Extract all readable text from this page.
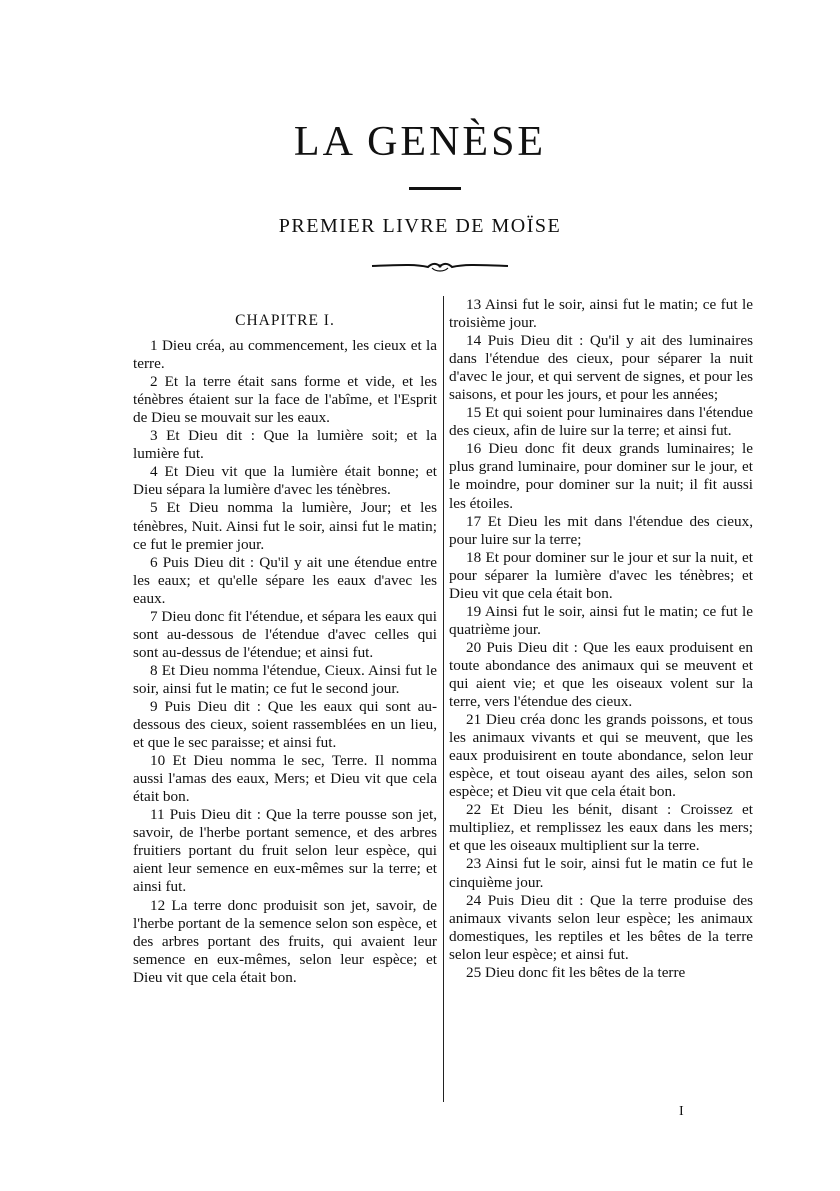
LA GENÈSE
PREMIER LIVRE DE MOÏSE
CHAPITRE I.

1 Dieu créa, au commencement, les cieux et la terre.

2 Et la terre était sans forme et vide, et les ténèbres étaient sur la face de l'abîme, et l'Esprit de Dieu se mouvait sur les eaux.

3 Et Dieu dit : Que la lumière soit; et la lumière fut.

4 Et Dieu vit que la lumière était bonne; et Dieu sépara la lumière d'avec les ténèbres.

5 Et Dieu nomma la lumière, Jour; et les ténèbres, Nuit. Ainsi fut le soir, ainsi fut le matin; ce fut le premier jour.

6 Puis Dieu dit : Qu'il y ait une étendue entre les eaux; et qu'elle sépare les eaux d'avec les eaux.

7 Dieu donc fit l'étendue, et sépara les eaux qui sont au-dessous de l'étendue d'avec celles qui sont au-dessus de l'étendue; et ainsi fut.

8 Et Dieu nomma l'étendue, Cieux. Ainsi fut le soir, ainsi fut le matin; ce fut le second jour.

9 Puis Dieu dit : Que les eaux qui sont au-dessous des cieux, soient rassemblées en un lieu, et que le sec paraisse; et ainsi fut.

10 Et Dieu nomma le sec, Terre. Il nomma aussi l'amas des eaux, Mers; et Dieu vit que cela était bon.

11 Puis Dieu dit : Que la terre pousse son jet, savoir, de l'herbe portant semence, et des arbres fruitiers portant du fruit selon leur espèce, qui aient leur semence en eux-mêmes sur la terre; et ainsi fut.

12 La terre donc produisit son jet, savoir, de l'herbe portant de la semence selon son espèce, et des arbres portant des fruits, qui avaient leur semence en eux-mêmes, selon leur espèce; et Dieu vit que cela était bon.

13 Ainsi fut le soir, ainsi fut le matin; ce fut le troisième jour.

14 Puis Dieu dit : Qu'il y ait des luminaires dans l'étendue des cieux, pour séparer la nuit d'avec le jour, et qui servent de signes, et pour les saisons, et pour les jours, et pour les années;

15 Et qui soient pour luminaires dans l'étendue des cieux, afin de luire sur la terre; et ainsi fut.

16 Dieu donc fit deux grands luminaires; le plus grand luminaire, pour dominer sur le jour, et le moindre, pour dominer sur la nuit; il fit aussi les étoiles.

17 Et Dieu les mit dans l'étendue des cieux, pour luire sur la terre;

18 Et pour dominer sur le jour et sur la nuit, et pour séparer la lumière d'avec les ténèbres; et Dieu vit que cela était bon.

19 Ainsi fut le soir, ainsi fut le matin; ce fut le quatrième jour.

20 Puis Dieu dit : Que les eaux produisent en toute abondance des animaux qui se meuvent et qui aient vie; et que les oiseaux volent sur la terre, vers l'étendue des cieux.

21 Dieu créa donc les grands poissons, et tous les animaux vivants et qui se meuvent, que les eaux produisirent en toute abondance, selon leur espèce, et tout oiseau ayant des ailes, selon son espèce; et Dieu vit que cela était bon.

22 Et Dieu les bénit, disant : Croissez et multipliez, et remplissez les eaux dans les mers; et que les oiseaux multiplient sur la terre.

23 Ainsi fut le soir, ainsi fut le matin ce fut le cinquième jour.

24 Puis Dieu dit : Que la terre produise des animaux vivants selon leur espèce; les animaux domestiques, les reptiles et les bêtes de la terre selon leur espèce; et ainsi fut.

25 Dieu donc fit les bêtes de la terre

I
